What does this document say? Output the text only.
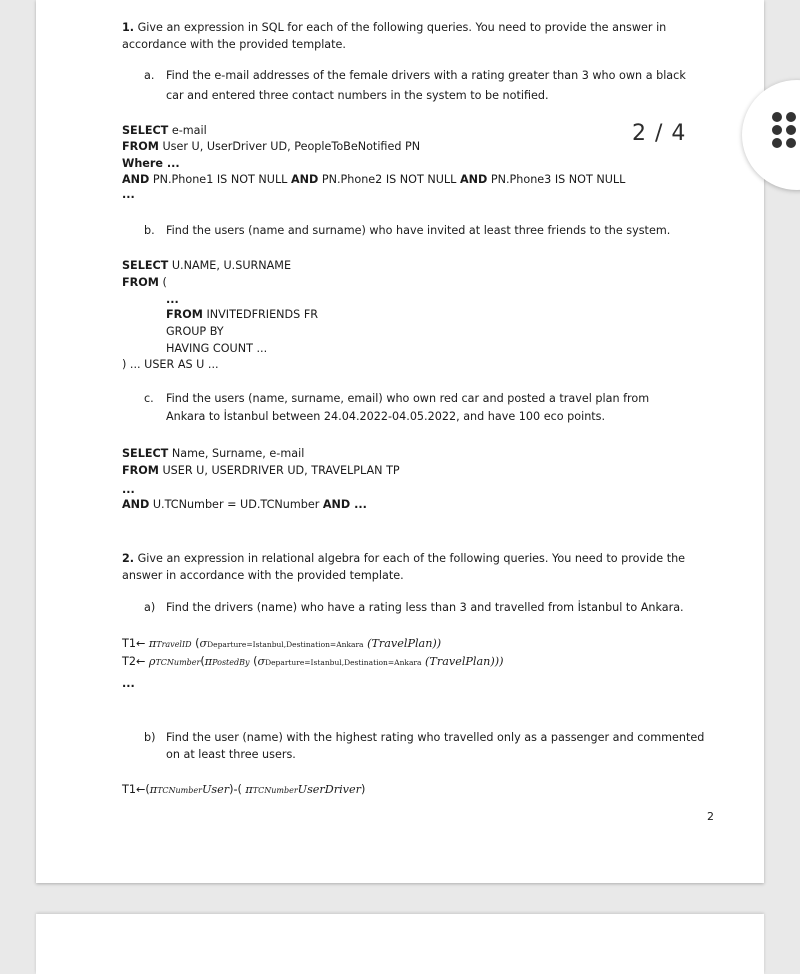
1. Give an expression in SQL for each of the following queries. You need to provide the answer in
accordance with the provided template.
a. Find the e-mail addresses of the female drivers with a rating greater than 3 who own a black
car and entered three contact numbers in the system to be notified.
SELECT e-mail
FROM User U, UserDriver UD, PeopleToBeNotified PN
Where ...
AND PN.Phone1 IS NOT NULL AND PN.Phone2 IS NOT NULL AND PN.Phone3 IS NOT NULL
...
b. Find the users (name and surname) who have invited at least three friends to the system.
SELECT U.NAME, U.SURNAME
FROM (
...
FROM INVITEDFRIENDS FR
GROUP BY
HAVING COUNT ...
) ... USER AS U ...
c. Find the users (name, surname, email) who own red car and posted a travel plan from
Ankara to İstanbul between 24.04.2022-04.05.2022, and have 100 eco points.
SELECT Name, Surname, e-mail
FROM USER U, USERDRIVER UD, TRAVELPLAN TP
...
AND U.TCNumber = UD.TCNumber AND ...
2. Give an expression in relational algebra for each of the following queries. You need to provide the
answer in accordance with the provided template.
a) Find the drivers (name) who have a rating less than 3 and travelled from İstanbul to Ankara.
T1← πTravelID (σDeparture=Istanbul,Destination=Ankara (TravelPlan))
T2← ρTCNumber(πPostedBy (σDeparture=Istanbul,Destination=Ankara (TravelPlan)))
...
b) Find the user (name) with the highest rating who travelled only as a passenger and commented
on at least three users.
T1←(πTCNumberUser)-( πTCNumberUserDriver)
2
2 / 4
